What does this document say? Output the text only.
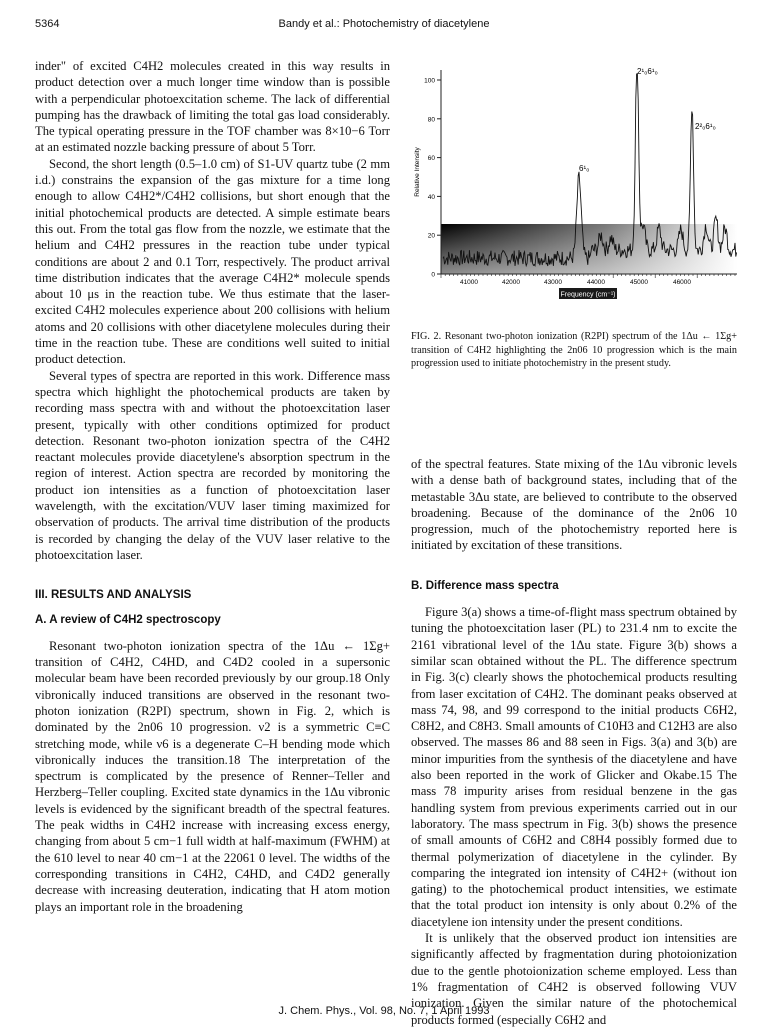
5364	Bandy et al.: Photochemistry of diacetylene

inder" of excited C4H2 molecules created in this way results in product detection over a much longer time window than is possible with a perpendicular photoexcitation scheme. The lack of differential pumping has the drawback of limiting the total gas load considerably. The typical operating pressure in the TOF chamber was 8×10−6 Torr at an estimated nozzle backing pressure of about 5 Torr.

Second, the short length (0.5–1.0 cm) of S1-UV quartz tube (2 mm i.d.) constrains the expansion of the gas mixture for a time long enough to allow C4H2*/C4H2 collisions, but short enough that the initial photochemical products are detected. A simple estimate bears this out. From the total gas flow from the nozzle, we estimate that the helium and C4H2 pressures in the reaction tube under typical conditions are about 2 and 0.1 Torr, respectively. The product arrival time distribution indicates that the average C4H2* molecule spends about 10 μs in the reaction tube. We thus estimate that the laser-excited C4H2 molecules experience about 200 collisions with helium atoms and 20 collisions with other diacetylene molecules during their time in the reaction tube. These are conditions well suited to initial product detection.

Several types of spectra are reported in this work. Difference mass spectra which highlight the photochemical products are taken by recording mass spectra with and without the photoexcitation laser present, typically with other conditions optimized for product detection. Resonant two-photon ionization spectra of the C4H2 reactant molecules provide diacetylene's absorption spectrum in the region of interest. Action spectra are recorded by monitoring the product ion intensities as a function of photoexcitation laser wavelength, with the excitation/VUV laser timing maximized for observation of products. The arrival time distribution of the products is recorded by changing the delay of the VUV laser relative to the photoexcitation laser.

III. RESULTS AND ANALYSIS
A. A review of C4H2 spectroscopy

Resonant two-photon ionization spectra of the 1Δu ← 1Σg+ transition of C4H2, C4HD, and C4D2 cooled in a supersonic molecular beam have been recorded previously by our group.18 Only vibronically induced transitions are observed in the resonant two-photon ionization (R2PI) spectrum, shown in Fig. 2, which is dominated by the 2n06 10 progression. ν2 is a symmetric C≡C stretching mode, while ν6 is a degenerate C–H bending mode which vibronically induces the transition.18 The interpretation of the spectrum is complicated by the presence of Renner–Teller and Herzberg–Teller coupling. Excited state dynamics in the 1Δu vibronic levels is evidenced by the significant breadth of the spectral features. The peak widths in C4H2 increase with increasing excess energy, changing from about 5 cm−1 full width at half-maximum (FWHM) at the 610 level to near 40 cm−1 at the 22061 0 level. The widths of the corresponding transitions in C4H2, C4HD, and C4D2 generally decrease with increasing deuteration, indicating that H atom motion plays an important role in the broadening

0
20
40
60
80
100
41000	42000	43000	44000	45000	46000
Relative Intensity
Frequency (cm⁻¹)
6¹₀
2¹₀6¹₀
2²₀6¹₀
FIG. 2. Resonant two-photon ionization (R2PI) spectrum of the 1Δu ← 1Σg+ transition of C4H2 highlighting the 2n06 10 progression which is the main progression used to initiate photochemistry in the present study.

of the spectral features. State mixing of the 1Δu vibronic levels with a dense bath of background states, including that of the metastable 3Δu state, are believed to contribute to the observed broadening. Because of the dominance of the 2n06 10 progression, much of the photochemistry reported here is initiated by excitation of these transitions.

B. Difference mass spectra

Figure 3(a) shows a time-of-flight mass spectrum obtained by tuning the photoexcitation laser (PL) to 231.4 nm to excite the 2161 vibrational level of the 1Δu state. Figure 3(b) shows a similar scan obtained without the PL. The difference spectrum in Fig. 3(c) clearly shows the photochemical products resulting from laser excitation of C4H2. The dominant peaks observed at mass 74, 98, and 99 correspond to the initial products C6H2, C8H2, and C8H3. Small amounts of C10H3 and C12H3 are also observed. The masses 86 and 88 seen in Figs. 3(a) and 3(b) are minor impurities from the synthesis of the diacetylene and have also been reported in the work of Glicker and Okabe.15 The mass 78 impurity arises from residual benzene in the gas handling system from previous experiments carried out in our laboratory. The mass spectrum in Fig. 3(b) shows the presence of small amounts of C6H2 and C8H4 possibly formed due to thermal polymerization of diacetylene in the cylinder. By comparing the integrated ion intensity of C4H2+ (without ion gating) to the photochemical product intensities, we estimate that the total product ion intensity is only about 0.2% of the diacetylene ion intensity under the present conditions.

It is unlikely that the observed product ion intensities are significantly affected by fragmentation during photoionization due to the gentle photoionization scheme employed. Less than 1% fragmentation of C4H2 is observed following VUV ionization. Given the similar nature of the photochemical products formed (especially C6H2 and

J. Chem. Phys., Vol. 98, No. 7, 1 April 1993
